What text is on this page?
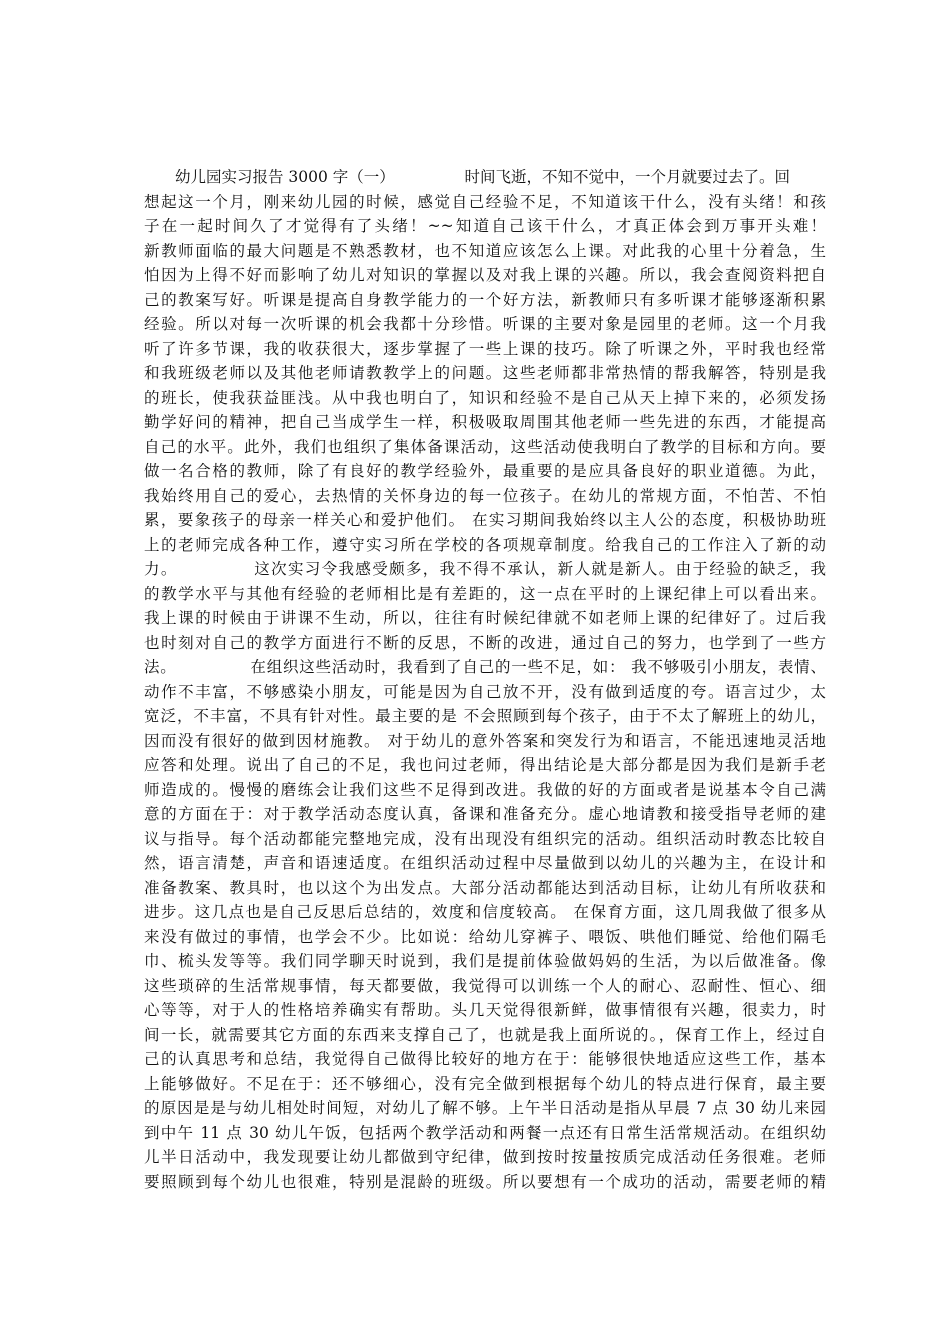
幼儿园实习报告 3000 字（一）　　　　　时间飞逝，不知不觉中，一个月就要过去了。回
想起这一个月，刚来幼儿园的时候，感觉自己经验不足，不知道该干什么，没有头绪！和孩
子在一起时间久了才觉得有了头绪！~~知道自己该干什么，才真正体会到万事开头难！
新教师面临的最大问题是不熟悉教材，也不知道应该怎么上课。对此我的心里十分着急，生
怕因为上得不好而影响了幼儿对知识的掌握以及对我上课的兴趣。所以，我会查阅资料把自
己的教案写好。听课是提高自身教学能力的一个好方法，新教师只有多听课才能够逐渐积累
经验。所以对每一次听课的机会我都十分珍惜。听课的主要对象是园里的老师。这一个月我
听了许多节课，我的收获很大，逐步掌握了一些上课的技巧。除了听课之外，平时我也经常
和我班级老师以及其他老师请教教学上的问题。这些老师都非常热情的帮我解答，特别是我
的班长，使我获益匪浅。从中我也明白了，知识和经验不是自己从天上掉下来的，必须发扬
勤学好问的精神，把自己当成学生一样，积极吸取周围其他老师一些先进的东西，才能提高
自己的水平。此外，我们也组织了集体备课活动，这些活动使我明白了教学的目标和方向。要
做一名合格的教师，除了有良好的教学经验外，最重要的是应具备良好的职业道德。为此，
我始终用自己的爱心，去热情的关怀身边的每一位孩子。在幼儿的常规方面，不怕苦、不怕
累，要象孩子的母亲一样关心和爱护他们。 在实习期间我始终以主人公的态度，积极协助班
上的老师完成各种工作，遵守实习所在学校的各项规章制度。给我自己的工作注入了新的动
力。　　　　　这次实习令我感受颇多，我不得不承认，新人就是新人。由于经验的缺乏，我
的教学水平与其他有经验的老师相比是有差距的，这一点在平时的上课纪律上可以看出来。
我上课的时候由于讲课不生动，所以，往往有时候纪律就不如老师上课的纪律好了。过后我
也时刻对自己的教学方面进行不断的反思，不断的改进，通过自己的努力，也学到了一些方
法。　　　　　在组织这些活动时，我看到了自己的一些不足，如： 我不够吸引小朋友，表情、
动作不丰富，不够感染小朋友，可能是因为自己放不开，没有做到适度的夸。语言过少，太
宽泛，不丰富，不具有针对性。最主要的是 不会照顾到每个孩子，由于不太了解班上的幼儿，
因而没有很好的做到因材施教。 对于幼儿的意外答案和突发行为和语言，不能迅速地灵活地
应答和处理。说出了自己的不足，我也问过老师，得出结论是大部分都是因为我们是新手老
师造成的。慢慢的磨练会让我们这些不足得到改进。我做的好的方面或者是说基本令自己满
意的方面在于：对于教学活动态度认真，备课和准备充分。虚心地请教和接受指导老师的建
议与指导。每个活动都能完整地完成，没有出现没有组织完的活动。组织活动时教态比较自
然，语言清楚，声音和语速适度。在组织活动过程中尽量做到以幼儿的兴趣为主，在设计和
准备教案、教具时，也以这个为出发点。大部分活动都能达到活动目标，让幼儿有所收获和
进步。这几点也是自己反思后总结的，效度和信度较高。 在保育方面，这几周我做了很多从
来没有做过的事情，也学会不少。比如说：给幼儿穿裤子、喂饭、哄他们睡觉、给他们隔毛
巾、梳头发等等。我们同学聊天时说到，我们是提前体验做妈妈的生活，为以后做准备。像
这些琐碎的生活常规事情，每天都要做，我觉得可以训练一个人的耐心、忍耐性、恒心、细
心等等，对于人的性格培养确实有帮助。头几天觉得很新鲜，做事情很有兴趣，很卖力，时
间一长，就需要其它方面的东西来支撑自己了，也就是我上面所说的。，保育工作上，经过自
己的认真思考和总结，我觉得自己做得比较好的地方在于：能够很快地适应这些工作，基本
上能够做好。不足在于：还不够细心，没有完全做到根据每个幼儿的特点进行保育，最主要
的原因是是与幼儿相处时间短，对幼儿了解不够。上午半日活动是指从早晨 7 点 30 幼儿来园
到中午 11 点 30 幼儿午饭，包括两个教学活动和两餐一点还有日常生活常规活动。在组织幼
儿半日活动中，我发现要让幼儿都做到守纪律，做到按时按量按质完成活动任务很难。老师
要照顾到每个幼儿也很难，特别是混龄的班级。所以要想有一个成功的活动，需要老师的精
